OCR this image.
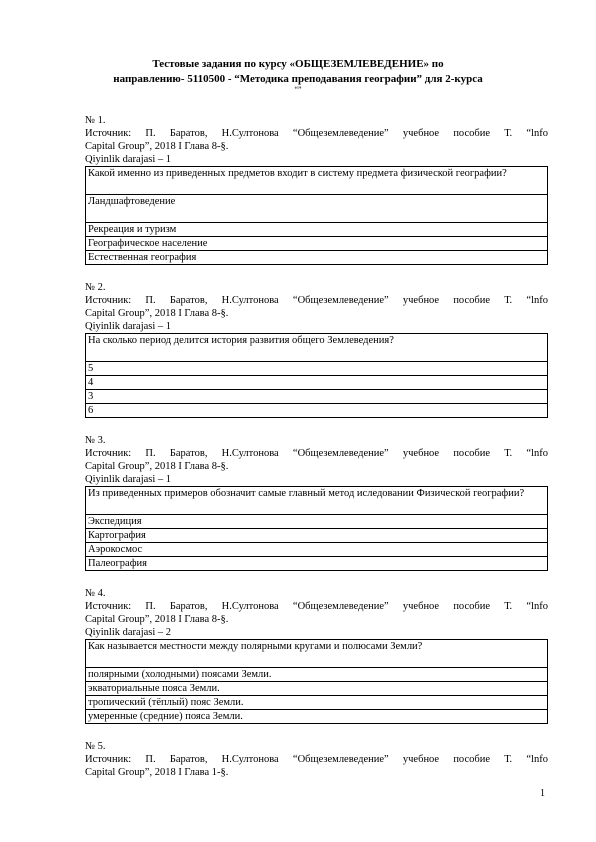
Тестовые задания по курсу «ОБЩЕЗЕМЛЕВЕДЕНИЕ» по
направлению- 5110500 - “Методика преподавания географии” для 2-курса
“”
№ 1.
Источник: П. Баратов, Н.Султонова “Общеземлеведение” учебное пособие Т. “lnfo
Capital Group”, 2018 I Глава 8-§.
Qiyinlik darajasi – 1
Какой именно из приведенных предметов входит в систему предмета физической географии?
Ландшафтоведение
Рекреация и туризм
Географическое население
Естественная география
№ 2.
Источник: П. Баратов, Н.Султонова “Общеземлеведение” учебное пособие Т. “lnfo
Capital Group”, 2018 I Глава 8-§.
Qiyinlik darajasi – 1
На сколько период делится история развития общего Землеведения?
5
4
3
6
№ 3.
Источник: П. Баратов, Н.Султонова “Общеземлеведение” учебное пособие Т. “lnfo
Capital Group”, 2018 I Глава 8-§.
Qiyinlik darajasi – 1
Из приведенных примеров обозначит самые главный метод иследовании Физической географии?
Экспедиция
Картография
Аэрокосмос
Палеография
№ 4.
Источник: П. Баратов, Н.Султонова “Общеземлеведение” учебное пособие Т. “lnfo
Capital Group”, 2018 I Глава 8-§.
Qiyinlik darajasi – 2
Как называется местности между полярными кругами и полюсами Земли?
полярными (холодными) поясами Земли.
экваториальные пояса Земли.
тропический (тёплый) пояс Земли.
умеренные (средние) пояса Земли.
№ 5.
Источник: П. Баратов, Н.Султонова “Общеземлеведение” учебное пособие Т. “lnfo
Capital Group”, 2018 I Глава 1-§.
1
